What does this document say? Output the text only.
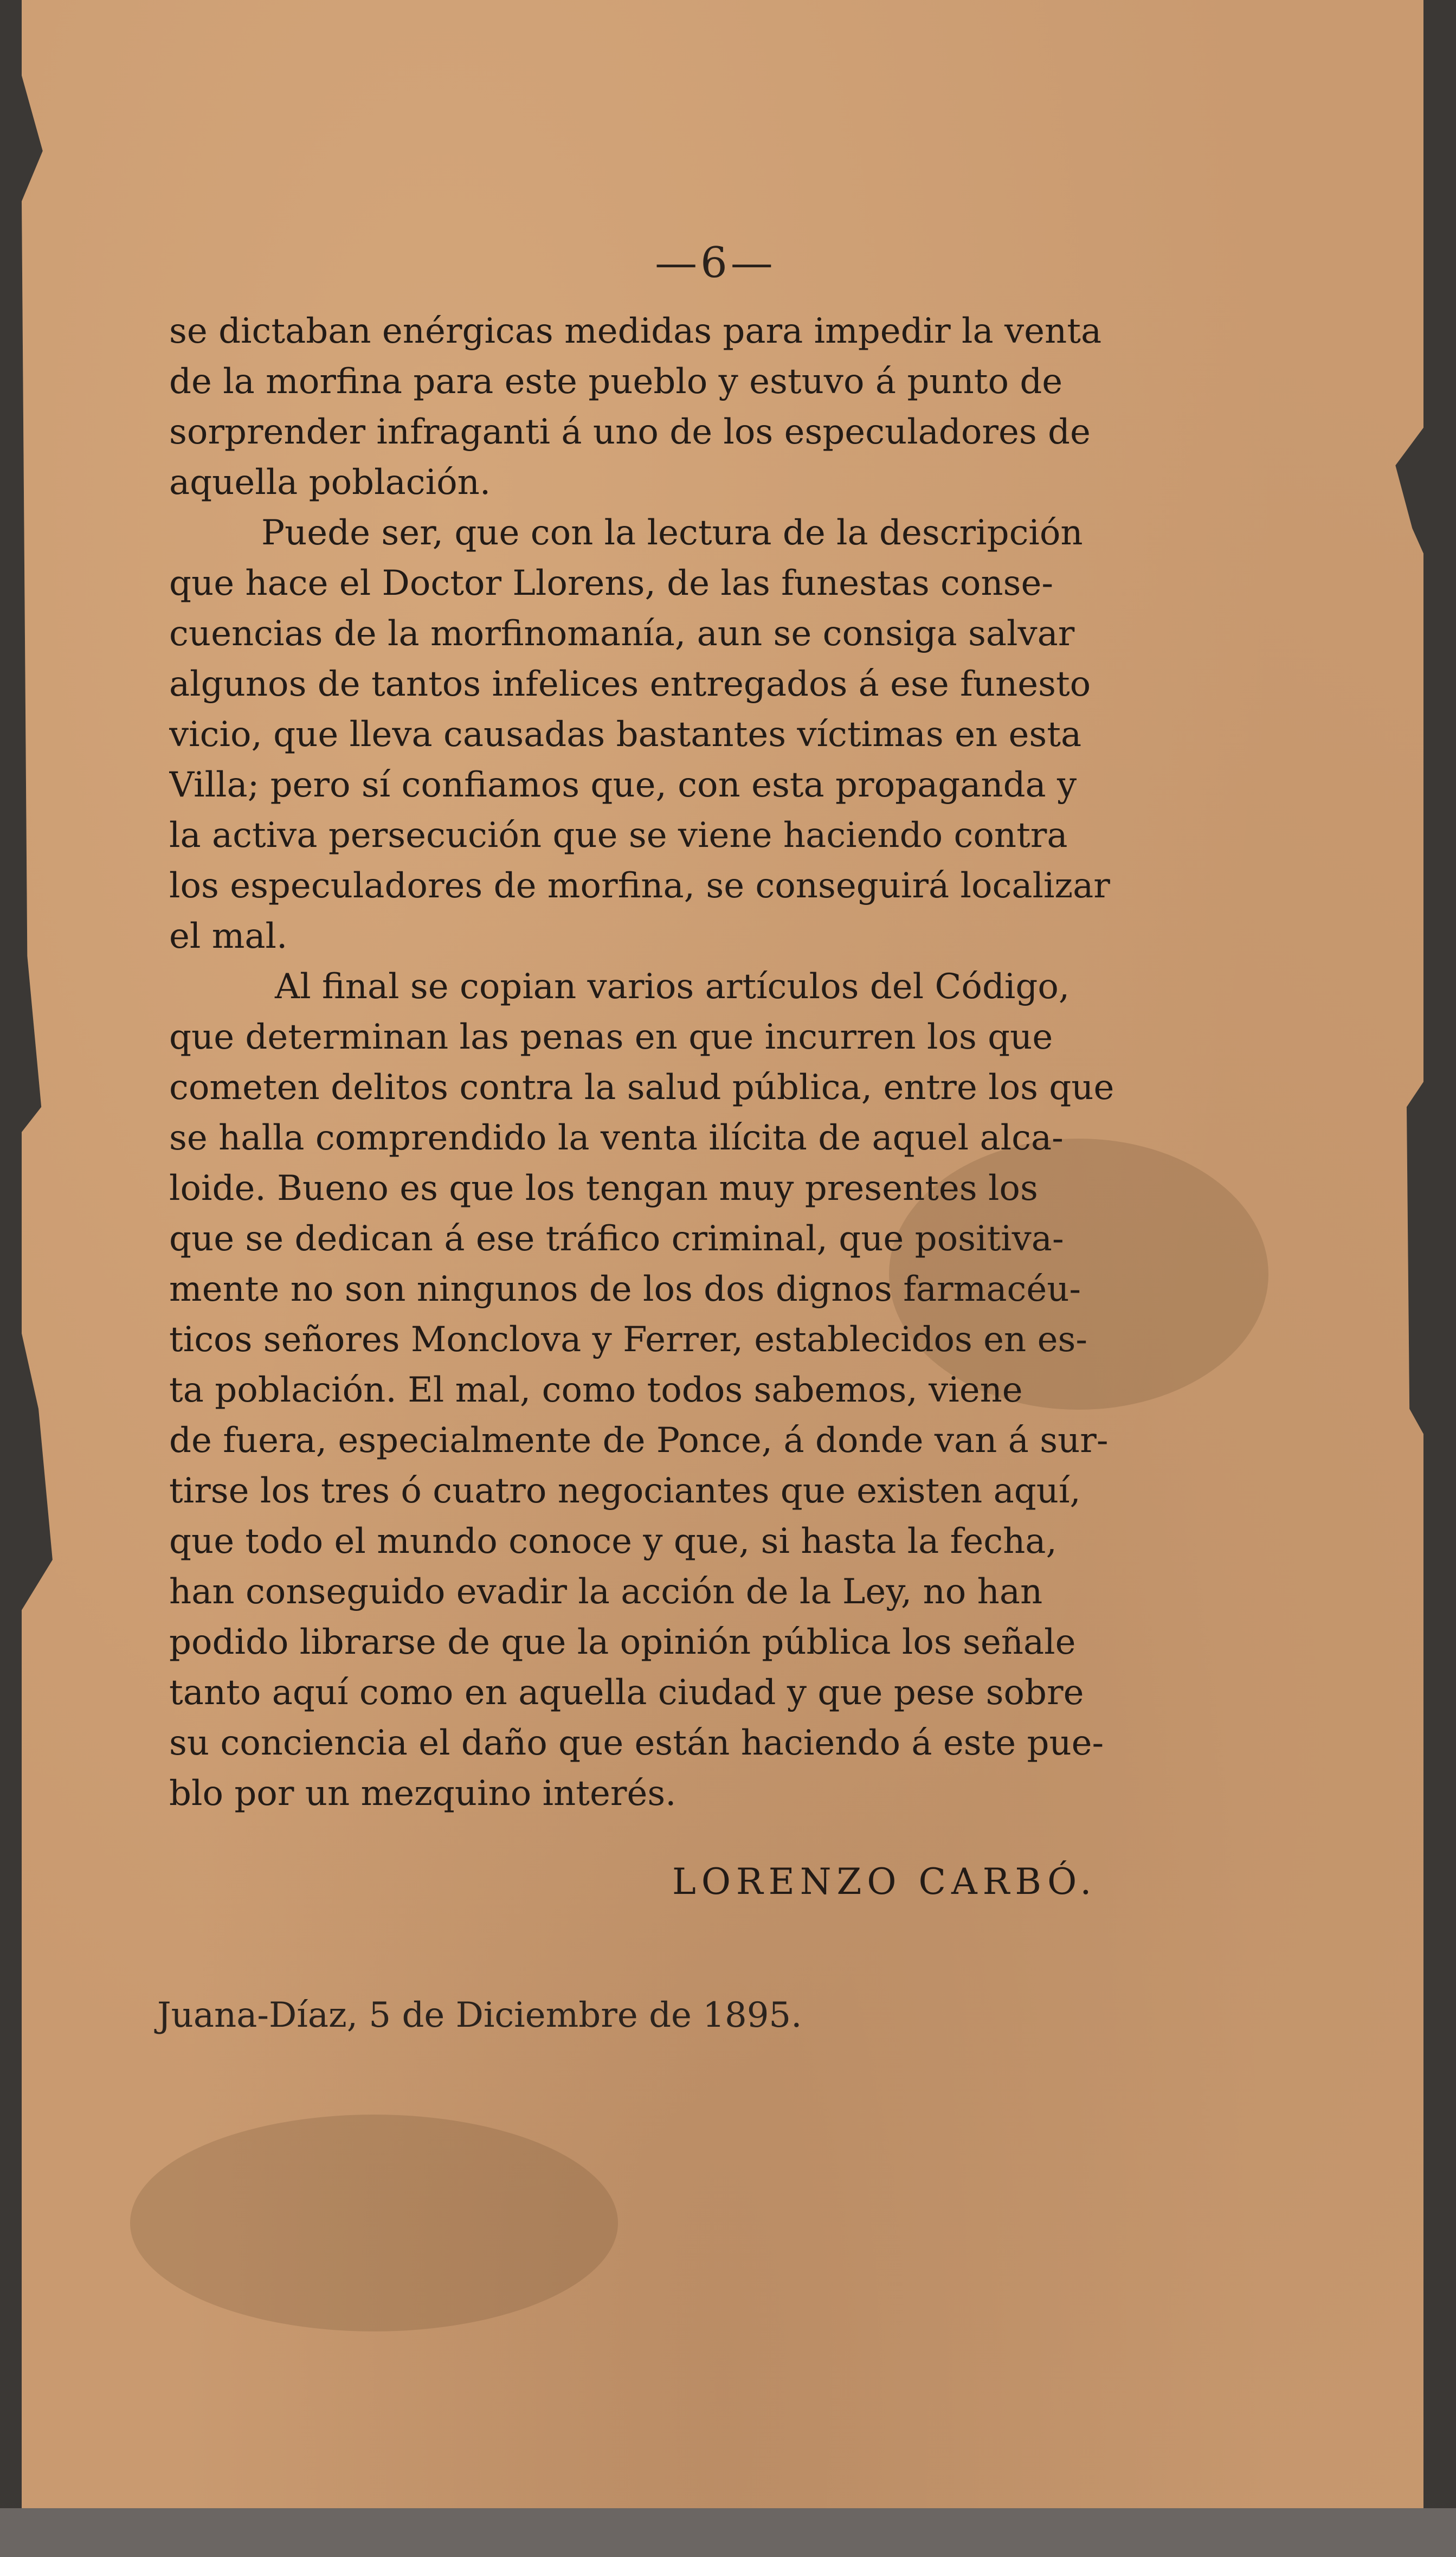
—6—
se dictaban enérgicas medidas para impedir la venta
de la morfina para este pueblo y estuvo á punto de
sorprender infraganti á uno de los especuladores de
aquella población.
Puede ser, que con la lectura de la descripción
que hace el Doctor Llorens, de las funestas conse-
cuencias de la morfinomanía, aun se consiga salvar
algunos de tantos infelices entregados á ese funesto
vicio, que lleva causadas bastantes víctimas en esta
Villa; pero sí confiamos que, con esta propaganda y
la activa persecución que se viene haciendo contra
los especuladores de morfina, se conseguirá localizar
el mal.
Al final se copian varios artículos del Código,
que determinan las penas en que incurren los que
cometen delitos contra la salud pública, entre los que
se halla comprendido la venta ilícita de aquel alca-
loide. Bueno es que los tengan muy presentes los
que se dedican á ese tráfico criminal, que positiva-
mente no son ningunos de los dos dignos farmacéu-
ticos señores Monclova y Ferrer, establecidos en es-
ta población. El mal, como todos sabemos, viene
de fuera, especialmente de Ponce, á donde van á sur-
tirse los tres ó cuatro negociantes que existen aquí,
que todo el mundo conoce y que, si hasta la fecha,
han conseguido evadir la acción de la Ley, no han
podido librarse de que la opinión pública los señale
tanto aquí como en aquella ciudad y que pese sobre
su conciencia el daño que están haciendo á este pue-
blo por un mezquino interés.
LORENZO CARBÓ.
Juana-Díaz, 5 de Diciembre de 1895.
